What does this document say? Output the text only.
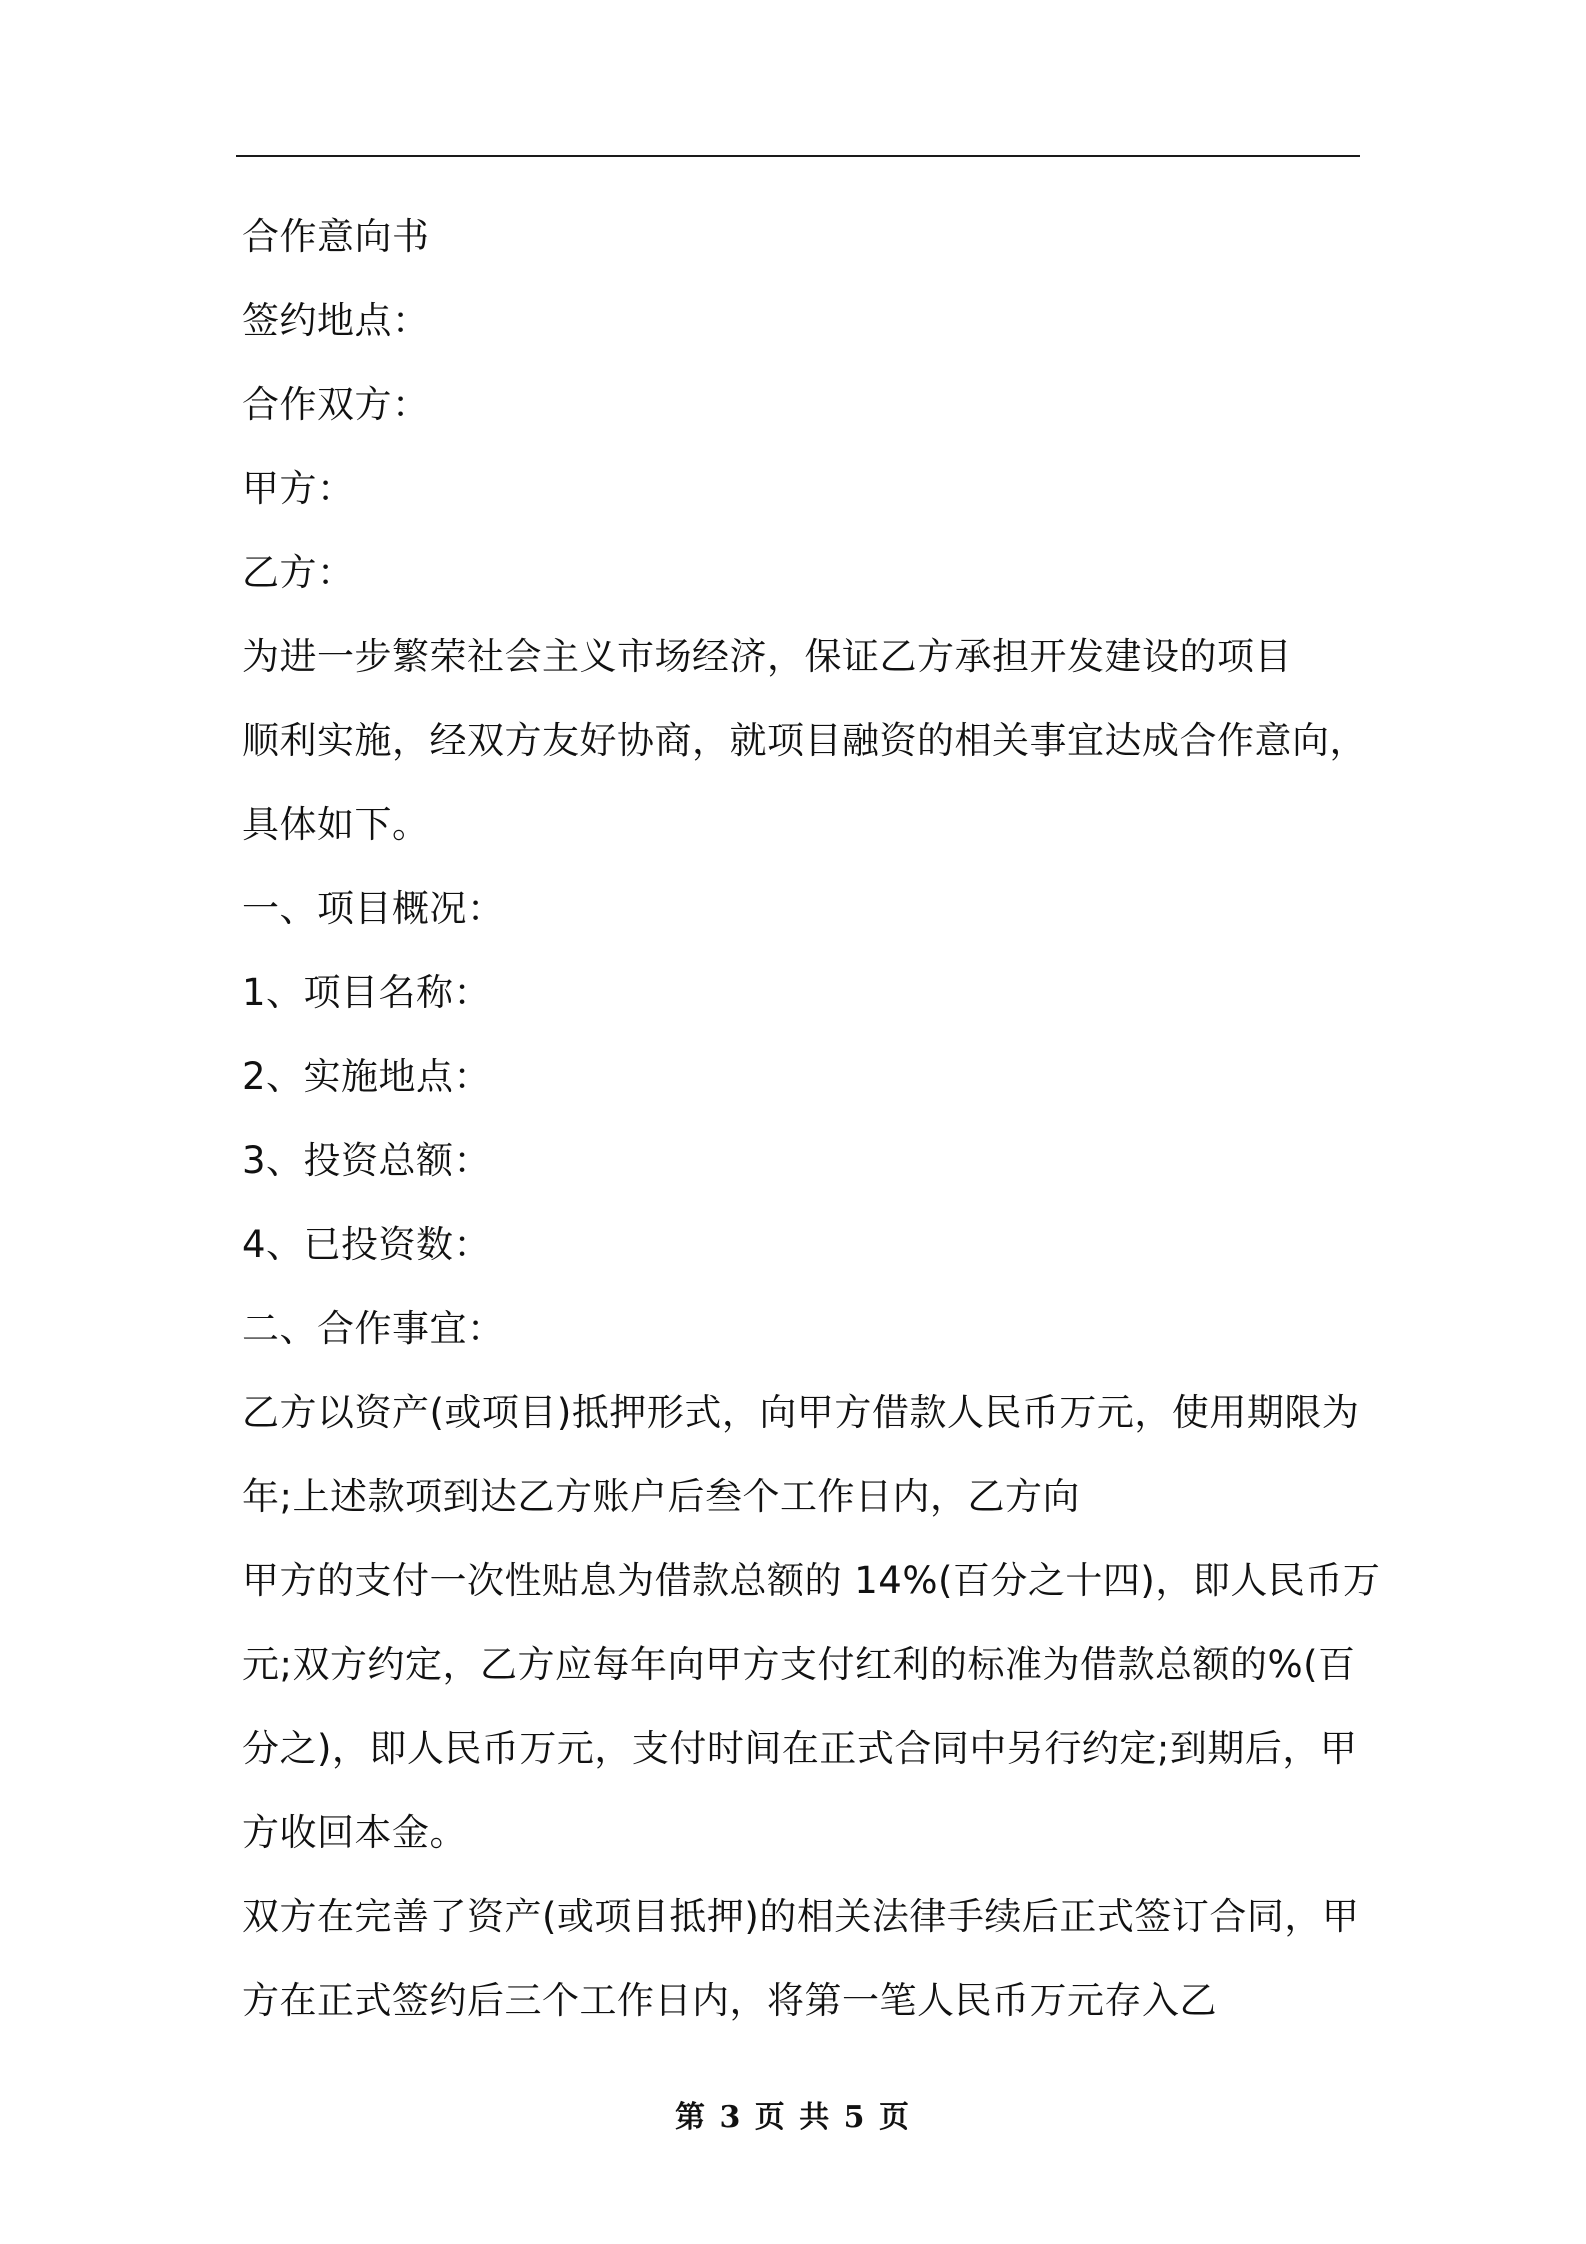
合作意向书
签约地点：
合作双方：
甲方：
乙方：
为进一步繁荣社会主义市场经济，保证乙方承担开发建设的项目
顺利实施，经双方友好协商，就项目融资的相关事宜达成合作意向，
具体如下。
一、项目概况：
1、项目名称：
2、实施地点：
3、投资总额：
4、已投资数：
二、合作事宜：
乙方以资产(或项目)抵押形式，向甲方借款人民币万元，使用期限为
年;上述款项到达乙方账户后叁个工作日内，乙方向
甲方的支付一次性贴息为借款总额的 14%(百分之十四)，即人民币万
元;双方约定，乙方应每年向甲方支付红利的标准为借款总额的%(百
分之)，即人民币万元，支付时间在正式合同中另行约定;到期后，甲
方收回本金。
双方在完善了资产(或项目抵押)的相关法律手续后正式签订合同，甲
方在正式签约后三个工作日内，将第一笔人民币万元存入乙
第 3 页 共 5 页
